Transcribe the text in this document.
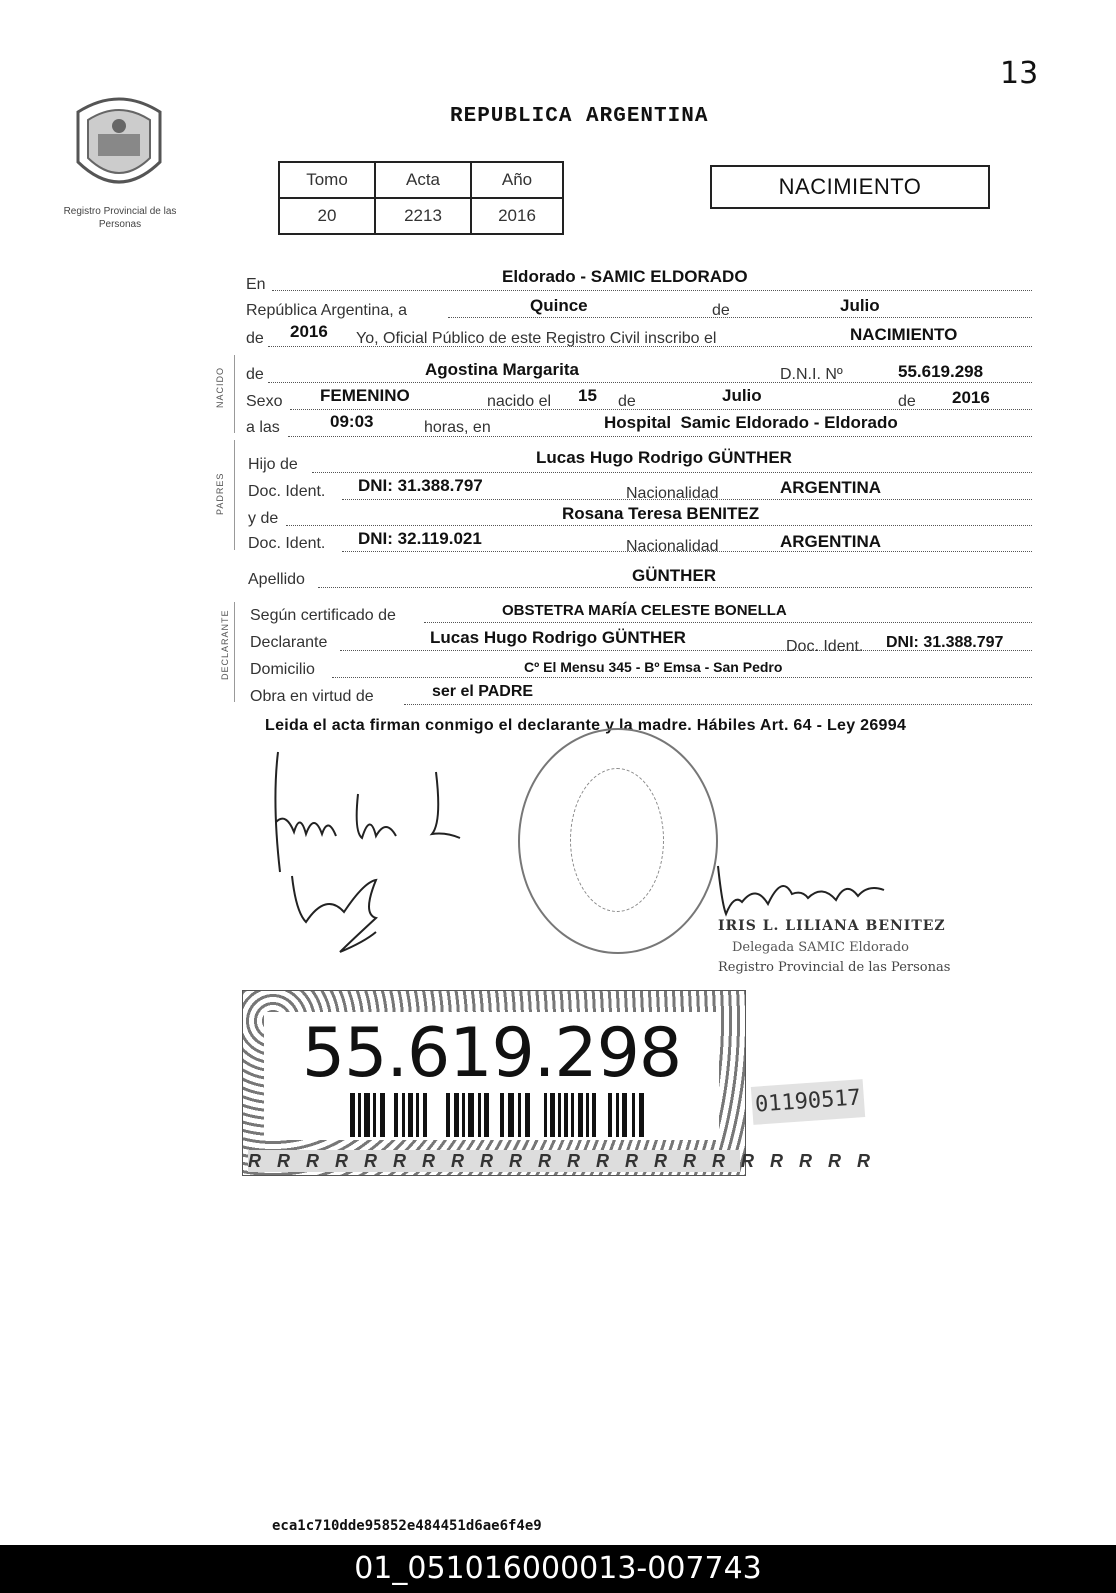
13
Registro Provincial de las Personas
REPUBLICA ARGENTINA
Tomo	Acta	Año
20	2213	2016
NACIMIENTO
NACIDO
PADRES
DECLARANTE
En	Eldorado - SAMIC ELDORADO
República Argentina, a	Quince	de	Julio
de 2016 Yo, Oficial Público de este Registro Civil inscribo el	NACIMIENTO
de	Agostina Margarita	D.N.I. Nº	55.619.298
Sexo FEMENINO	nacido el 15 de	Julio	de 2016
a las	09:03	horas, en	Hospital  Samic Eldorado - Eldorado
Hijo de	Lucas Hugo Rodrigo GÜNTHER
Doc. Ident. DNI: 31.388.797	Nacionalidad	ARGENTINA
y de	Rosana Teresa BENITEZ
Doc. Ident. DNI: 32.119.021	Nacionalidad	ARGENTINA
Apellido	GÜNTHER
Según certificado de	OBSTETRA MARÍA CELESTE BONELLA
Declarante	Lucas Hugo Rodrigo GÜNTHER	Doc. Ident. DNI: 31.388.797
Domicilio	Cº El Mensu 345 - Bº Emsa - San Pedro
Obra en virtud de	ser el PADRE
Leida el acta firman conmigo el declarante y la madre. Hábiles Art. 64 - Ley 26994
IRIS L. LILIANA BENITEZ
Delegada SAMIC Eldorado
Registro Provincial de las Personas
55.619.298
RRRRRRRRRRRRRRRRRRRRRR
01190517
eca1c710dde95852e484451d6ae6f4e9
01_051016000013-007743
